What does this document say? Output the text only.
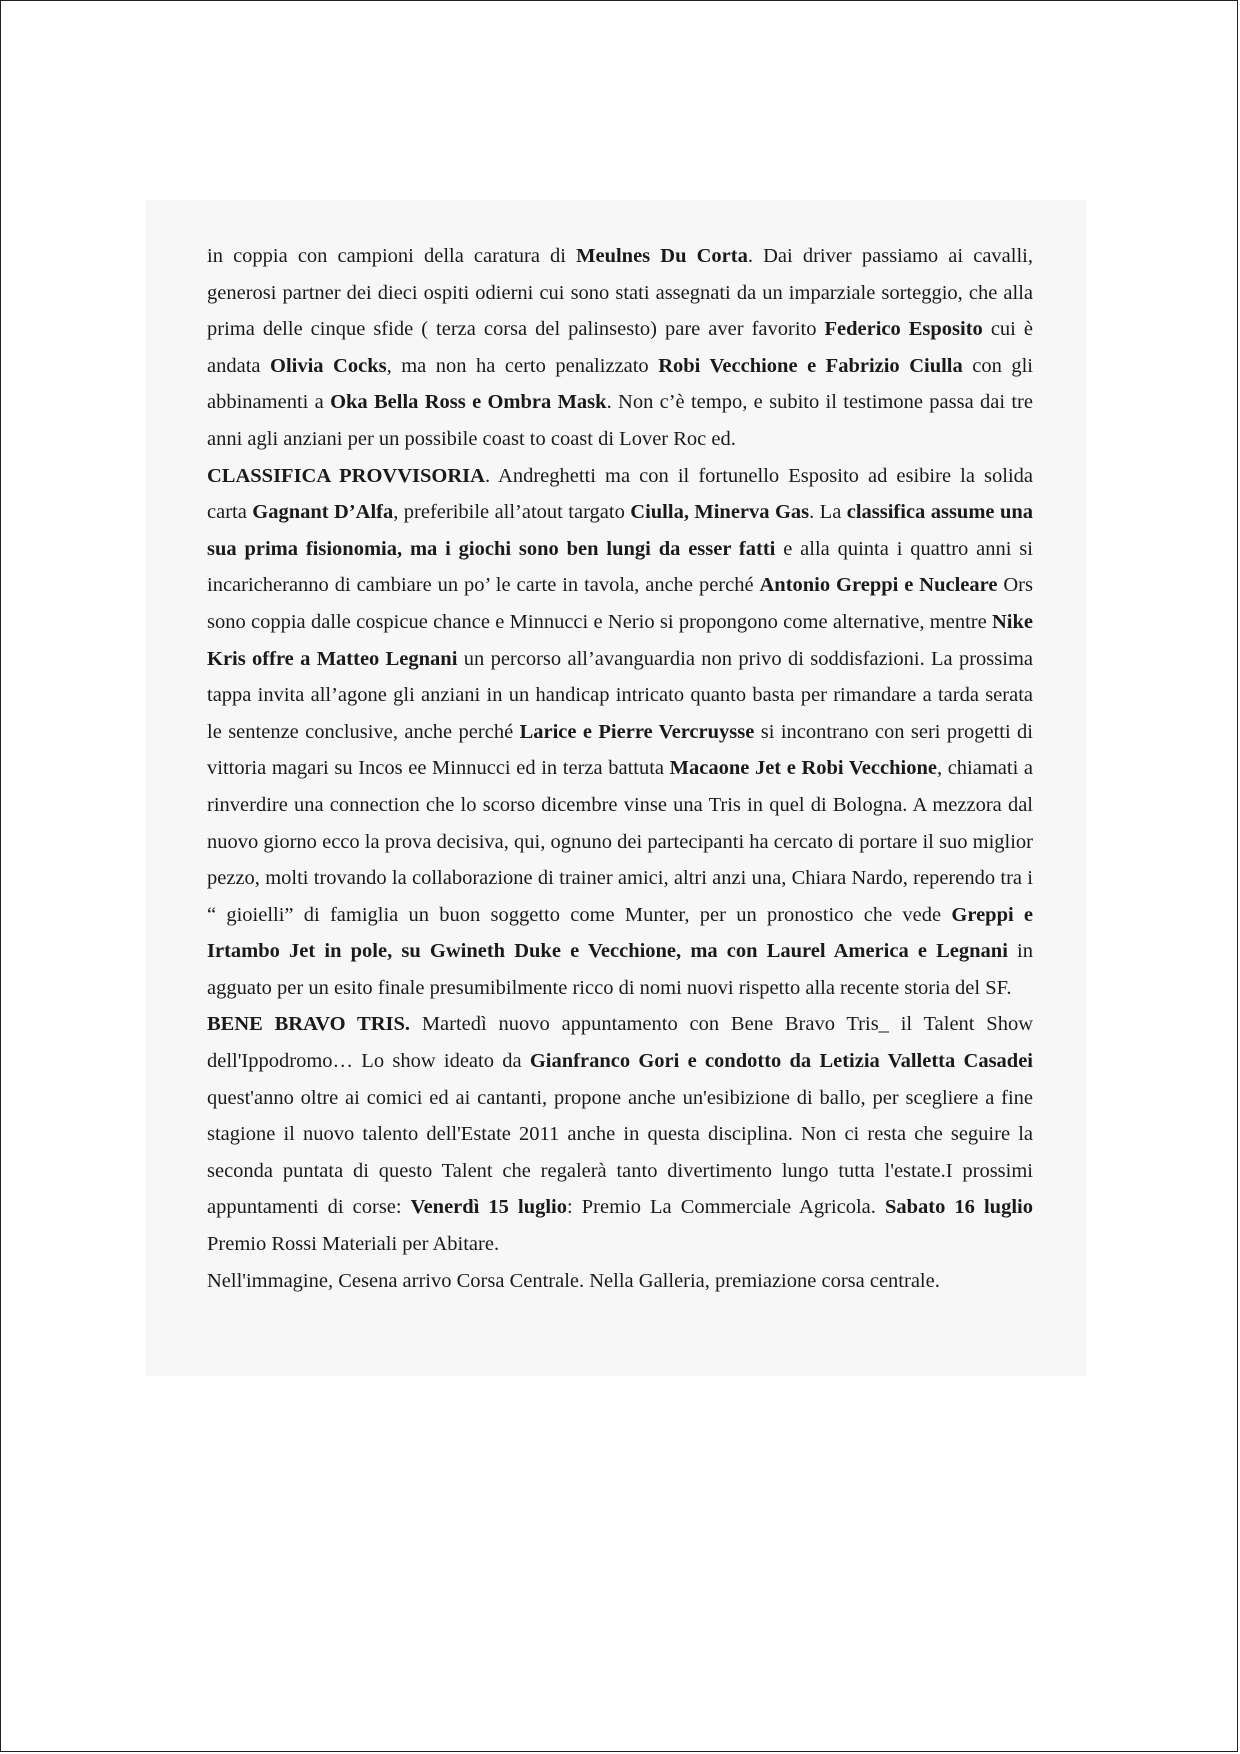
in coppia con campioni della caratura di Meulnes Du Corta. Dai driver passiamo ai cavalli, generosi partner dei dieci ospiti odierni cui sono stati assegnati da un imparziale sorteggio, che alla prima delle cinque sfide ( terza corsa del palinsesto) pare aver favorito Federico Esposito cui è andata Olivia Cocks, ma non ha certo penalizzato Robi Vecchione e Fabrizio Ciulla con gli abbinamenti a Oka Bella Ross e Ombra Mask. Non c’è tempo, e subito il testimone passa dai tre anni agli anziani per un possibile coast to coast di Lover Roc ed.

CLASSIFICA PROVVISORIA. Andreghetti ma con il fortunello Esposito ad esibire la solida carta Gagnant D’Alfa, preferibile all’atout targato Ciulla, Minerva Gas. La classifica assume una sua prima fisionomia, ma i giochi sono ben lungi da esser fatti e alla quinta i quattro anni si incaricheranno di cambiare un po’ le carte in tavola, anche perché Antonio Greppi e Nucleare Ors sono coppia dalle cospicue chance e Minnucci e Nerio si propongono come alternative, mentre Nike Kris offre a Matteo Legnani un percorso all’avanguardia non privo di soddisfazioni. La prossima tappa invita all’agone gli anziani in un handicap intricato quanto basta per rimandare a tarda serata le sentenze conclusive, anche perché Larice e Pierre Vercruysse si incontrano con seri progetti di vittoria magari su Incos ee Minnucci ed in terza battuta Macaone Jet e Robi Vecchione, chiamati a rinverdire una connection che lo scorso dicembre vinse una Tris in quel di Bologna. A mezzora dal nuovo giorno ecco la prova decisiva, qui, ognuno dei partecipanti ha cercato di portare il suo miglior pezzo, molti trovando la collaborazione di trainer amici, altri anzi una, Chiara Nardo, reperendo tra i “ gioielli” di famiglia un buon soggetto come Munter, per un pronostico che vede Greppi e Irtambo Jet in pole, su Gwineth Duke e Vecchione, ma con Laurel America e Legnani in agguato per un esito finale presumibilmente ricco di nomi nuovi rispetto alla recente storia del SF.

BENE BRAVO TRIS. Martedì nuovo appuntamento con Bene Bravo Tris_ il Talent Show dell'Ippodromo… Lo show ideato da Gianfranco Gori e condotto da Letizia Valletta Casadei quest'anno oltre ai comici ed ai cantanti, propone anche un'esibizione di ballo, per scegliere a fine stagione il nuovo talento dell'Estate 2011 anche in questa disciplina. Non ci resta che seguire la seconda puntata di questo Talent che regalerà tanto divertimento lungo tutta l'estate.I prossimi appuntamenti di corse: Venerdì 15 luglio: Premio La Commerciale Agricola. Sabato 16 luglio Premio Rossi Materiali per Abitare.

Nell'immagine, Cesena arrivo Corsa Centrale. Nella Galleria, premiazione corsa centrale.
